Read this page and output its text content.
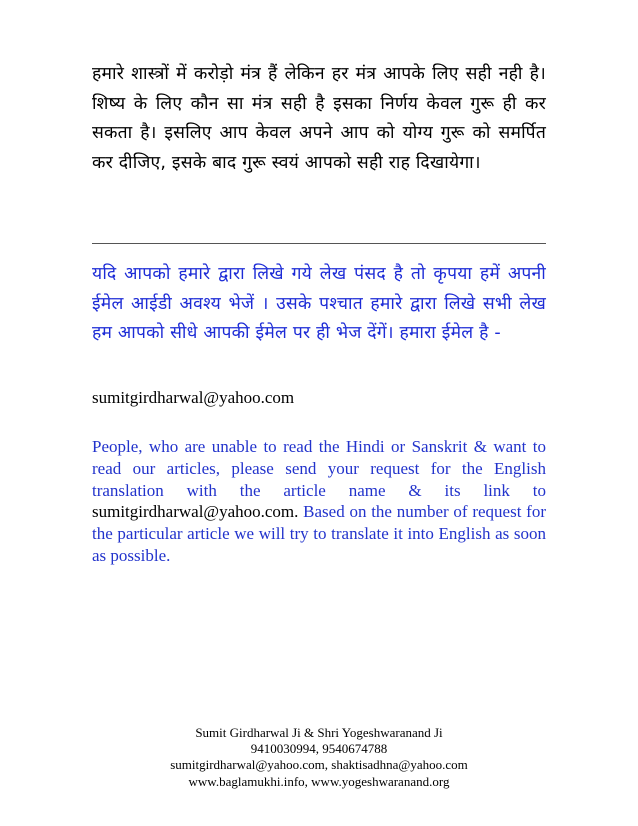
हमारे शास्त्रों में करोड़ो मंत्र हैं लेकिन हर मंत्र आपके लिए सही नही है। शिष्य के लिए कौन सा मंत्र सही है इसका निर्णय केवल गुरू ही कर सकता है। इसलिए आप केवल अपने आप को योग्य गुरू को समर्पित कर दीजिए, इसके बाद गुरू स्वयं आपको सही राह दिखायेगा।
यदि आपको हमारे द्वारा लिखे गये लेख पंसद है तो कृपया हमें अपनी ईमेल आईडी अवश्य भेजें । उसके पश्चात हमारे द्वारा लिखे सभी लेख हम आपको सीधे आपकी ईमेल पर ही भेज देंगें। हमारा ईमेल है -
sumitgirdharwal@yahoo.com
People, who are unable to read the Hindi or Sanskrit & want to read our articles, please send your request for the English translation with the article name & its link to sumitgirdharwal@yahoo.com. Based on the number of request for the particular article we will try to translate it into English as soon as possible.
Sumit Girdharwal Ji & Shri Yogeshwaranand Ji
9410030994, 9540674788
sumitgirdharwal@yahoo.com, shaktisadhna@yahoo.com
www.baglamukhi.info, www.yogeshwaranand.org
